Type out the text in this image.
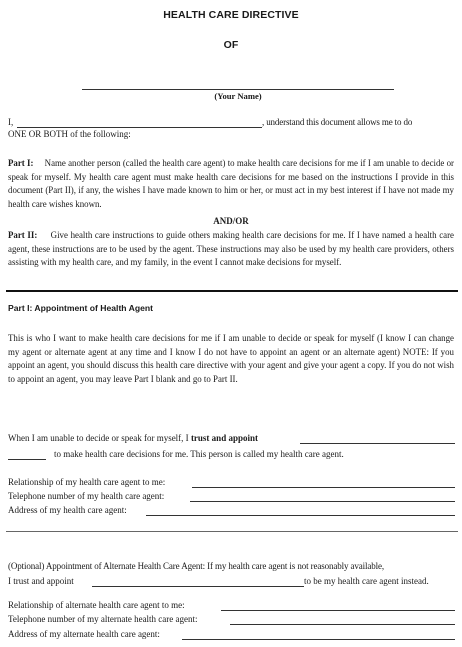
HEALTH CARE DIRECTIVE
OF
(Your Name)
I,	, understand this document allows me to do
ONE OR BOTH of the following:
Part I: Name another person (called the health care agent) to make health care decisions for me if I am unable to decide or speak for myself. My health care agent must make health care decisions for me based on the instructions I provide in this document (Part II), if any, the wishes I have made known to him or her, or must act in my best interest if I have not made my health care wishes known.
AND/OR
Part II: Give health care instructions to guide others making health care decisions for me. If I have named a health care agent, these instructions are to be used by the agent. These instructions may also be used by my health care providers, others assisting with my health care, and my family, in the event I cannot make decisions for myself.
Part I: Appointment of Health Agent
This is who I want to make health care decisions for me if I am unable to decide or speak for myself (I know I can change my agent or alternate agent at any time and I know I do not have to appoint an agent or an alternate agent) NOTE: If you appoint an agent, you should discuss this health care directive with your agent and give your agent a copy. If you do not wish to appoint an agent, you may leave Part I blank and go to Part II.
When I am unable to decide or speak for myself, I trust and appoint
to make health care decisions for me. This person is called my health care agent.
Relationship of my health care agent to me:
Telephone number of my health care agent:
Address of my health care agent:
(Optional) Appointment of Alternate Health Care Agent: If my health care agent is not reasonably available,
I trust and appoint	to be my health care agent instead.
Relationship of alternate health care agent to me:
Telephone number of my alternate health care agent:
Address of my alternate health care agent:
